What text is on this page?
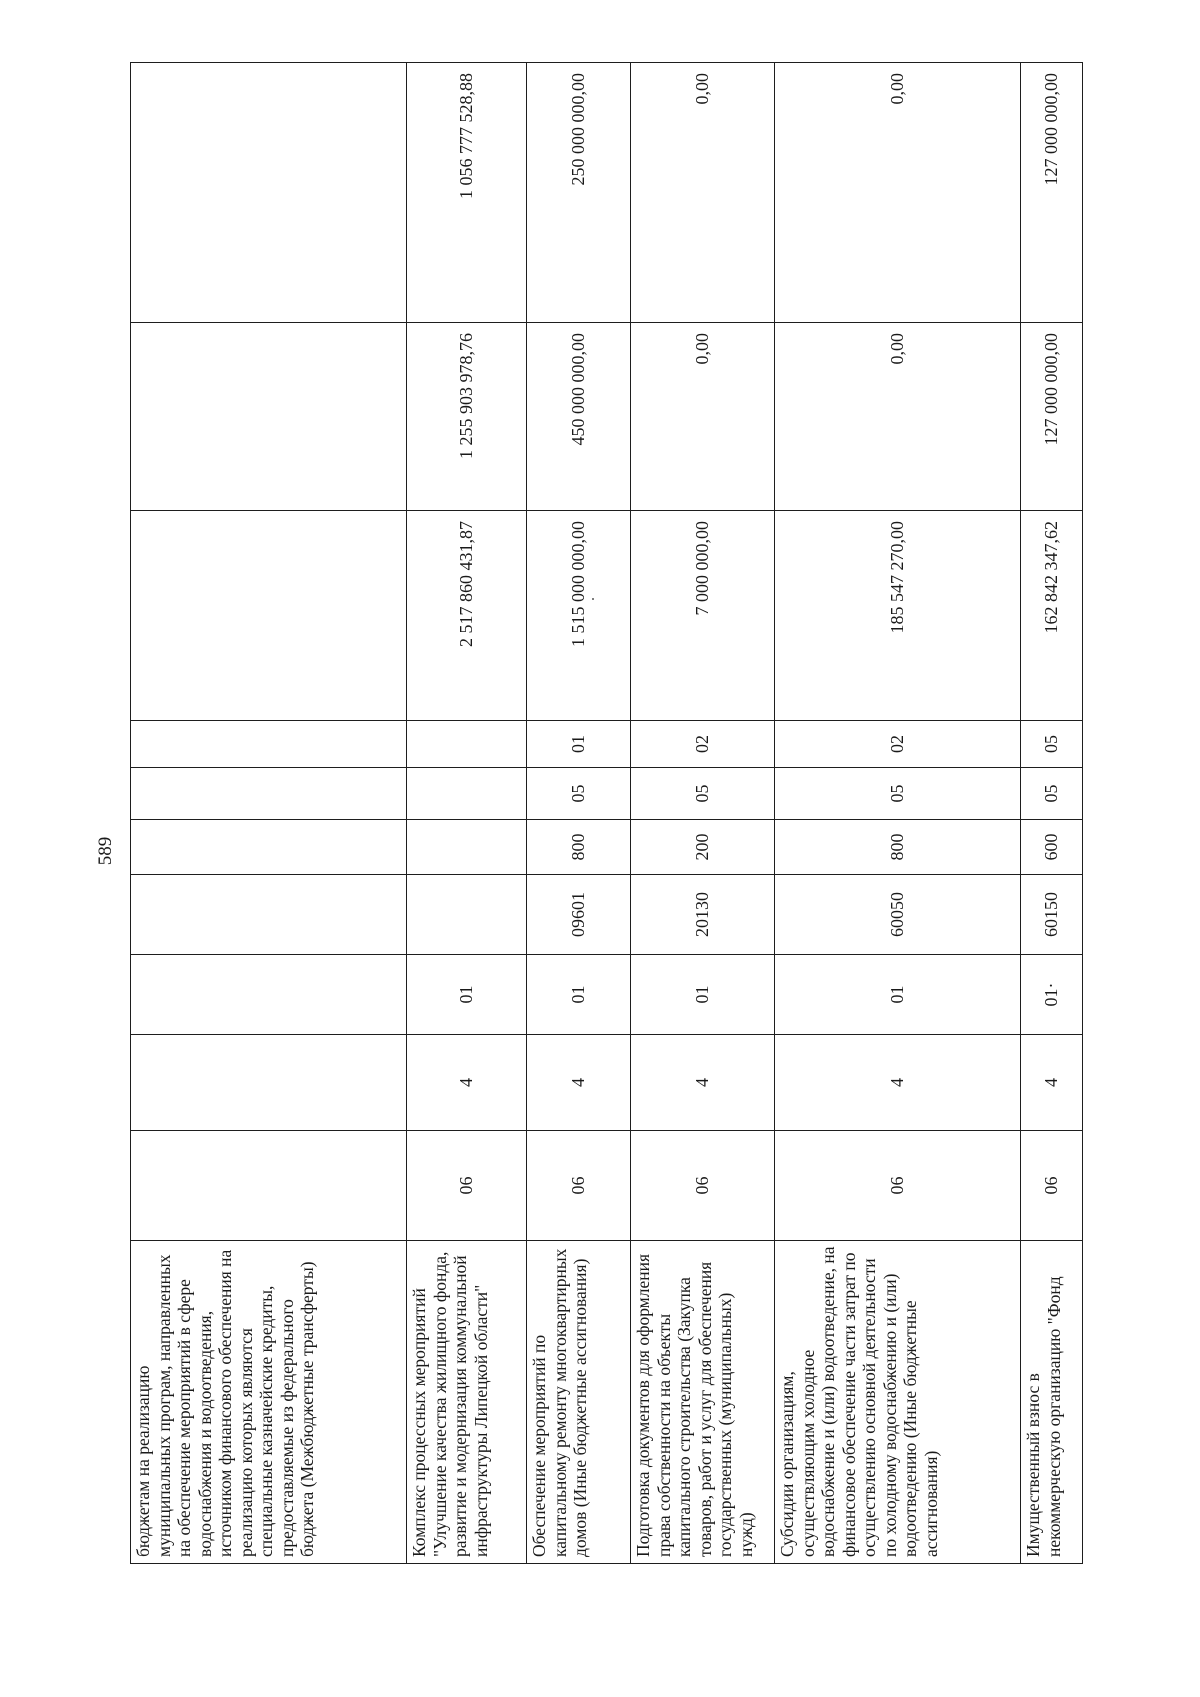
589
бюджетам на реализацию муниципальных програм, направленных на обеспечение мероприятий в сфере водоснабжения и водоотведения, источником финансового обеспечения на реализацию которых являются специальные казначейские кредиты, предоставляемые из федерального бюджета (Межбюджетные трансферты)										
Комплекс процессных мероприятий "Улучшение качества жилищного фонда, развитие и модернизация коммунальной инфраструктуры Липецкой области"	06	4	01					2 517 860 431,87	1 255 903 978,76	1 056 777 528,88
Обеспечение мероприятий по капитальному ремонту многоквартирных домов (Иные бюджетные ассигнования)	06	4	01	09601	800	05	01	1 515 000 000,00	450 000 000,00	250 000 000,00
Подготовка документов для оформления права собственности на объекты капитального строительства (Закупка товаров, работ и услуг для обеспечения государственных (муниципальных) нужд)	06	4	01	20130	200	05	02	7 000 000,00	0,00	0,00
Субсидии организациям, осуществляющим холодное водоснабжение и (или) водоотведение, на финансовое обеспечение части затрат по осуществлению основной деятельности по холодному водоснабжению и (или) водоотведению (Иные бюджетные ассигнования)	06	4	01	60050	800	05	02	185 547 270,00	0,00	0,00
Имущественный взнос в некоммерческую организацию "Фонд	06	4	01·	60150	600	05	05	162 842 347,62	127 000 000,00	127 000 000,00
